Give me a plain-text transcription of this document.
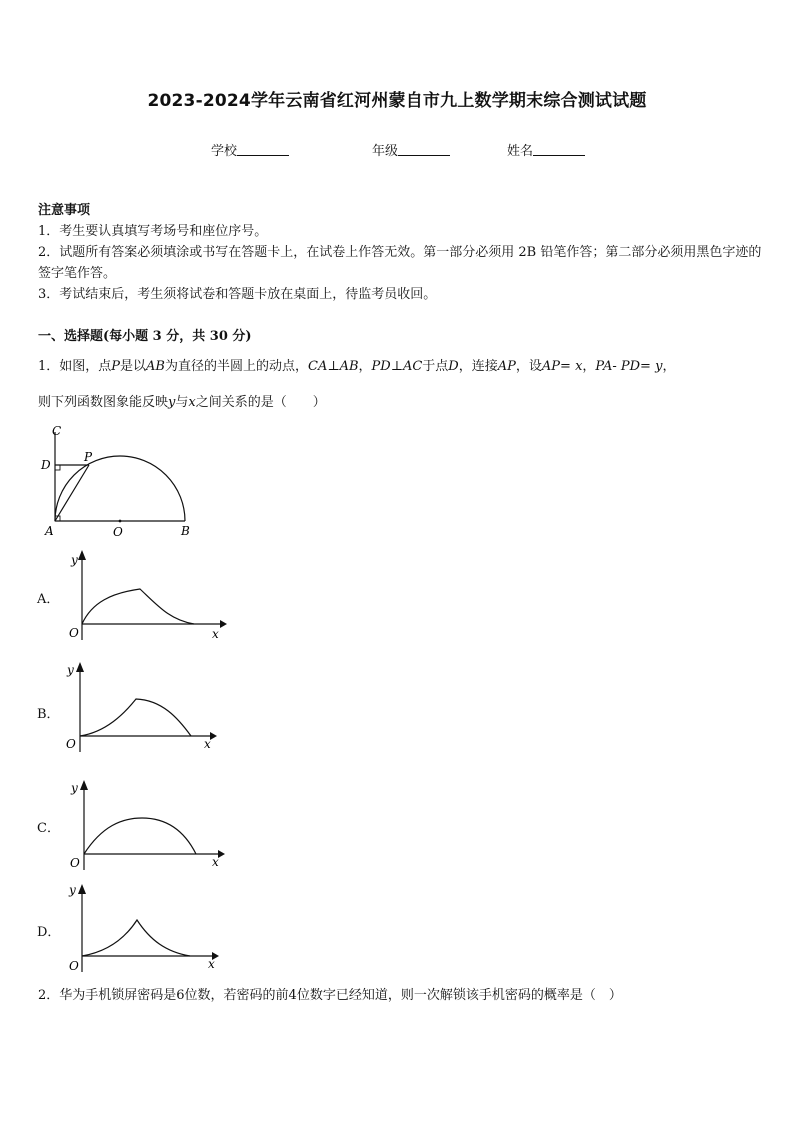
2023-2024学年云南省红河州蒙自市九上数学期末综合测试试题
学校	年级	姓名
注意事项
1．考生要认真填写考场号和座位序号。
2．试题所有答案必须填涂或书写在答题卡上，在试卷上作答无效。第一部分必须用 2B 铅笔作答；第二部分必须用黑色字迹的签字笔作答。
3．考试结束后，考生须将试卷和答题卡放在桌面上，待监考员收回。
一、选择题(每小题 3 分，共 30 分)
1．如图，点P是以AB为直径的半圆上的动点，CA⊥AB，PD⊥AC于点D，连接AP，设AP= x，PA- PD= y，
则下列函数图象能反映y与x之间关系的是（　　）
C
D
P
A	O	B
A．
O
y
x
B．
O
y
x
C．
O
y
x
D．
O
y
x
2．华为手机锁屏密码是6位数，若密码的前4位数字已经知道，则一次解锁该手机密码的概率是（　）
